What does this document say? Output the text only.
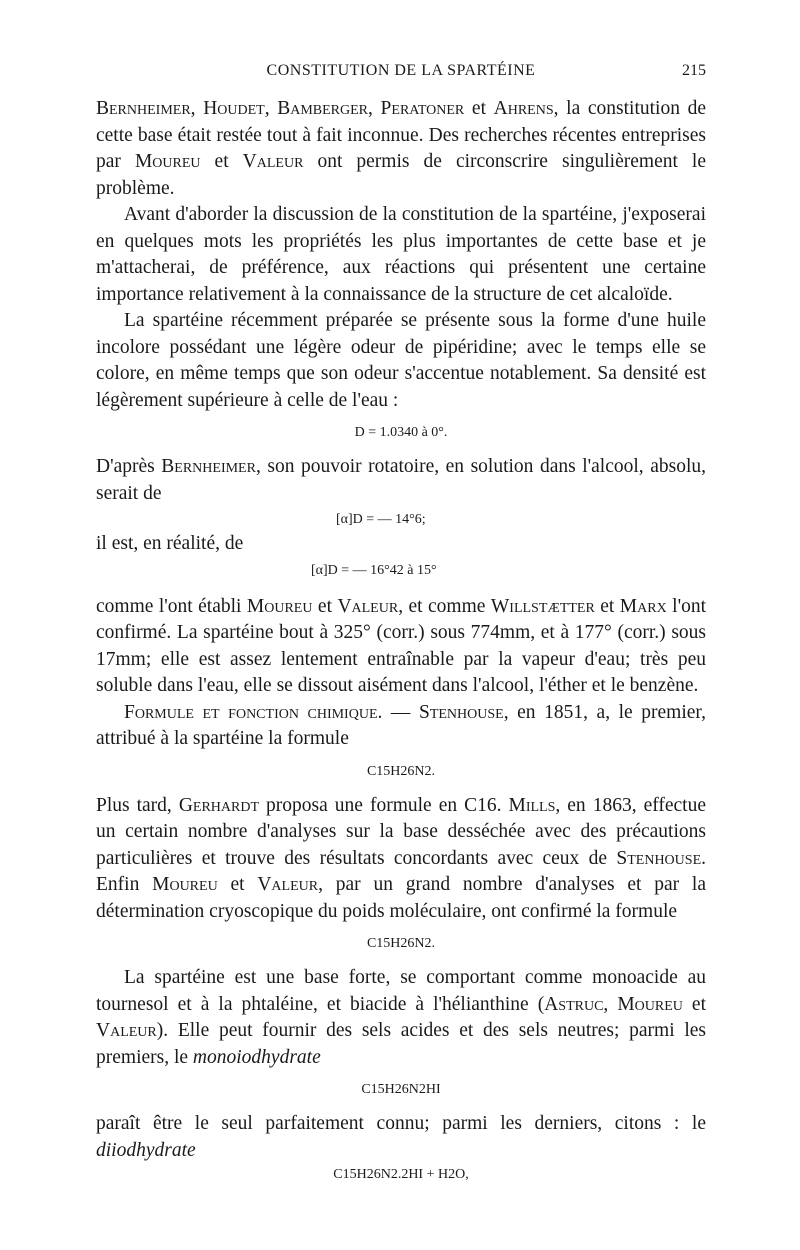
CONSTITUTION DE LA SPARTÉINE	215

Bernheimer, Houdet, Bamberger, Peratoner et Ahrens, la constitution de cette base était restée tout à fait inconnue. Des recherches récentes entreprises par Moureu et Valeur ont permis de circonscrire singulièrement le problème.

Avant d'aborder la discussion de la constitution de la spartéine, j'exposerai en quelques mots les propriétés les plus importantes de cette base et je m'attacherai, de préférence, aux réactions qui présentent une certaine importance relativement à la connaissance de la structure de cet alcaloïde.

La spartéine récemment préparée se présente sous la forme d'une huile incolore possédant une légère odeur de pipéridine; avec le temps elle se colore, en même temps que son odeur s'accentue notablement. Sa densité est légèrement supérieure à celle de l'eau :

D = 1.0340 à 0°.

D'après Bernheimer, son pouvoir rotatoire, en solution dans l'alcool, absolu, serait de

[α]D = — 14°6;

il est, en réalité, de

[α]D = — 16°42 à 15°

comme l'ont établi Moureu et Valeur, et comme Willstætter et Marx l'ont confirmé. La spartéine bout à 325° (corr.) sous 774mm, et à 177° (corr.) sous 17mm; elle est assez lentement entraînable par la vapeur d'eau; très peu soluble dans l'eau, elle se dissout aisément dans l'alcool, l'éther et le benzène.

Formule et fonction chimique. — Stenhouse, en 1851, a, le premier, attribué à la spartéine la formule

C15H26N2.

Plus tard, Gerhardt proposa une formule en C16. Mills, en 1863, effectue un certain nombre d'analyses sur la base desséchée avec des précautions particulières et trouve des résultats concordants avec ceux de Stenhouse. Enfin Moureu et Valeur, par un grand nombre d'analyses et par la détermination cryoscopique du poids moléculaire, ont confirmé la formule

C15H26N2.

La spartéine est une base forte, se comportant comme monoacide au tournesol et à la phtaléine, et biacide à l'hélianthine (Astruc, Moureu et Valeur). Elle peut fournir des sels acides et des sels neutres; parmi les premiers, le monoiodhydrate

C15H26N2HI

paraît être le seul parfaitement connu; parmi les derniers, citons : le diiodhydrate

C15H26N2.2HI + H2O,
